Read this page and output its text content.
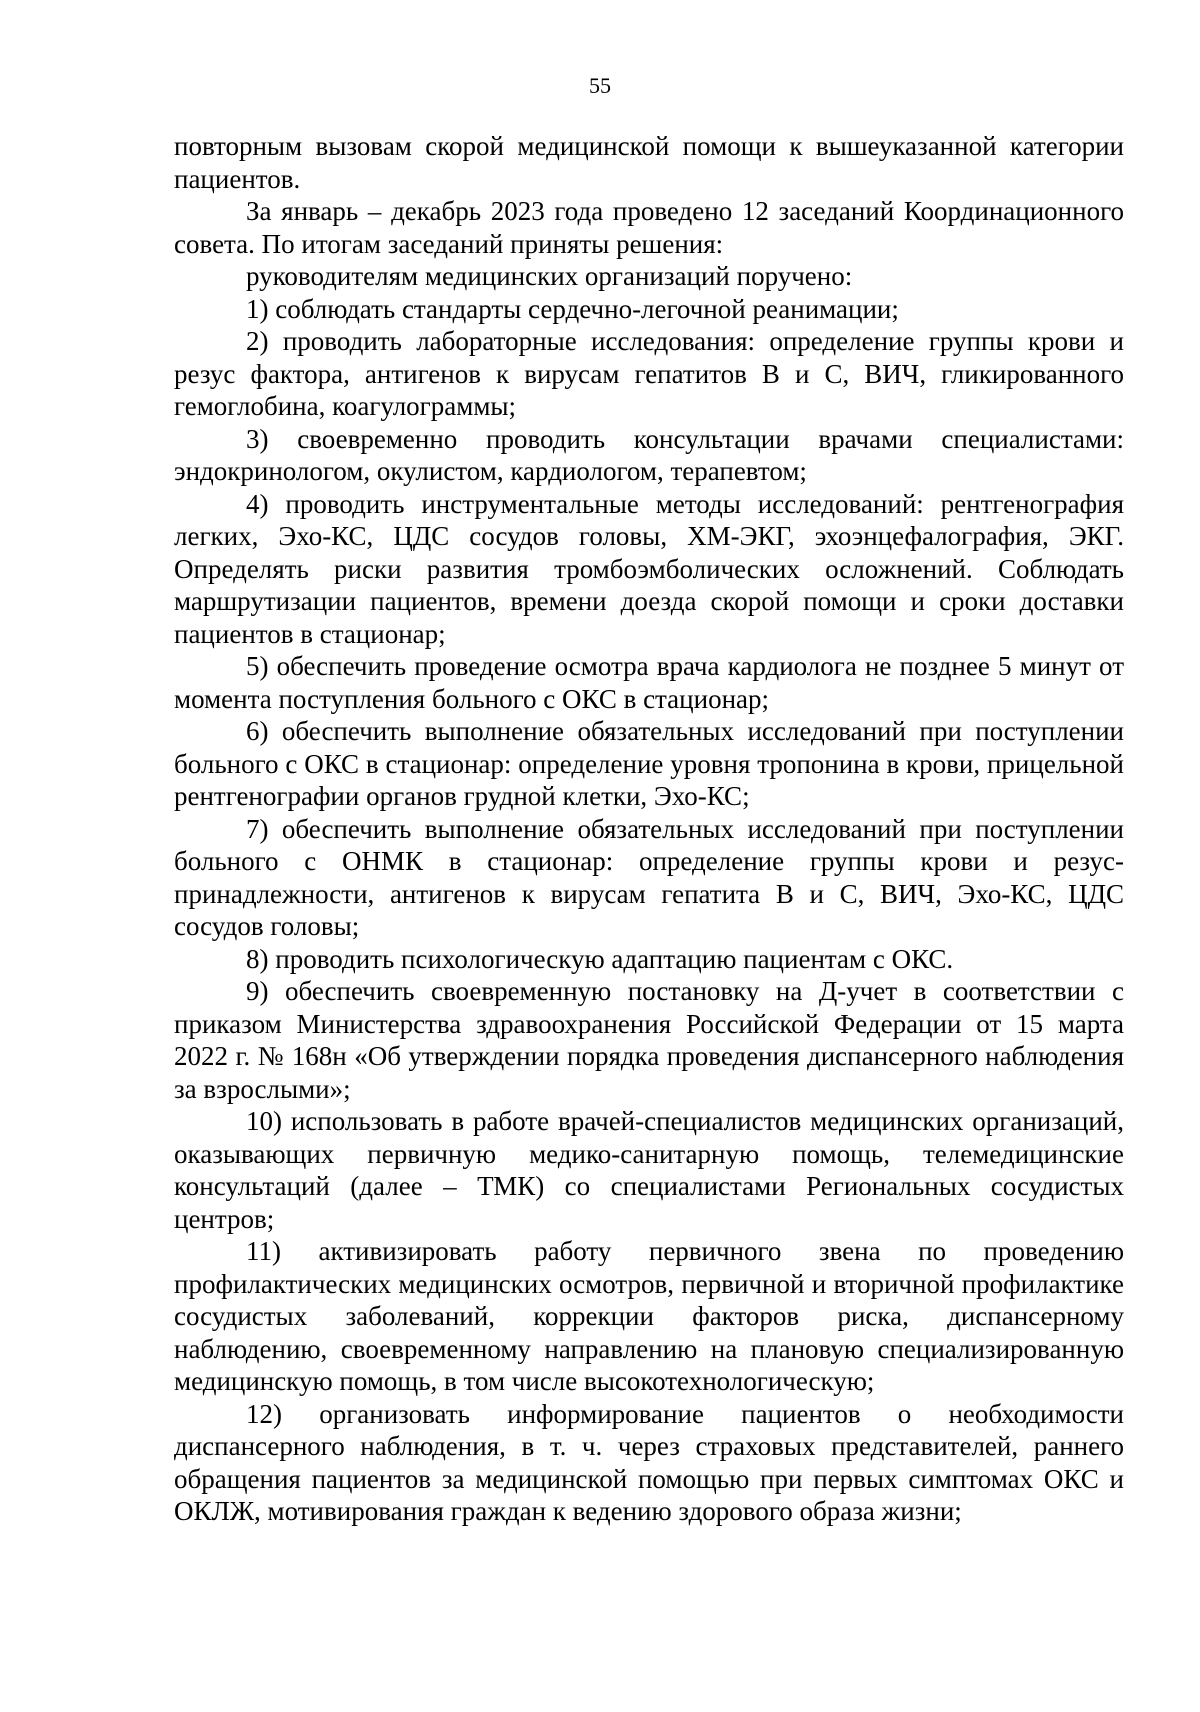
55

повторным вызовам скорой медицинской помощи к вышеуказанной категории пациентов.

За январь – декабрь 2023 года проведено 12 заседаний Координационного совета. По итогам заседаний приняты решения:

руководителям медицинских организаций поручено:

1) соблюдать стандарты сердечно-легочной реанимации;

2) проводить лабораторные исследования: определение группы крови и резус фактора, антигенов к вирусам гепатитов В и С, ВИЧ, гликированного гемоглобина, коагулограммы;

3) своевременно проводить консультации врачами специалистами: эндокринологом, окулистом, кардиологом, терапевтом;

4) проводить инструментальные методы исследований: рентгенография легких, Эхо-КС, ЦДС сосудов головы, ХМ-ЭКГ, эхоэнцефалография, ЭКГ. Определять риски развития тромбоэмболических осложнений. Соблюдать маршрутизации пациентов, времени доезда скорой помощи и сроки доставки пациентов в стационар;

5) обеспечить проведение осмотра врача кардиолога не позднее 5 минут от момента поступления больного с ОКС в стационар;

6) обеспечить выполнение обязательных исследований при поступлении больного с ОКС в стационар: определение уровня тропонина в крови, прицельной рентгенографии органов грудной клетки, Эхо-КС;

7) обеспечить выполнение обязательных исследований при поступлении больного с ОНМК в стационар: определение группы крови и резус-принадлежности, антигенов к вирусам гепатита В и С, ВИЧ, Эхо-КС, ЦДС сосудов головы;

8) проводить психологическую адаптацию пациентам с ОКС.

9) обеспечить своевременную постановку на Д-учет в соответствии с приказом Министерства здравоохранения Российской Федерации от 15 марта 2022 г. № 168н «Об утверждении порядка проведения диспансерного наблюдения за взрослыми»;

10) использовать в работе врачей-специалистов медицинских организаций, оказывающих первичную медико-санитарную помощь, телемедицинские консультаций (далее – ТМК) со специалистами Региональных сосудистых центров;

11) активизировать работу первичного звена по проведению профилактических медицинских осмотров, первичной и вторичной профилактике сосудистых заболеваний, коррекции факторов риска, диспансерному наблюдению, своевременному направлению на плановую специализированную медицинскую помощь, в том числе высокотехнологическую;

12) организовать информирование пациентов о необходимости диспансерного наблюдения, в т. ч. через страховых представителей, раннего обращения пациентов за медицинской помощью при первых симптомах ОКС и ОКЛЖ, мотивирования граждан к ведению здорового образа жизни;
